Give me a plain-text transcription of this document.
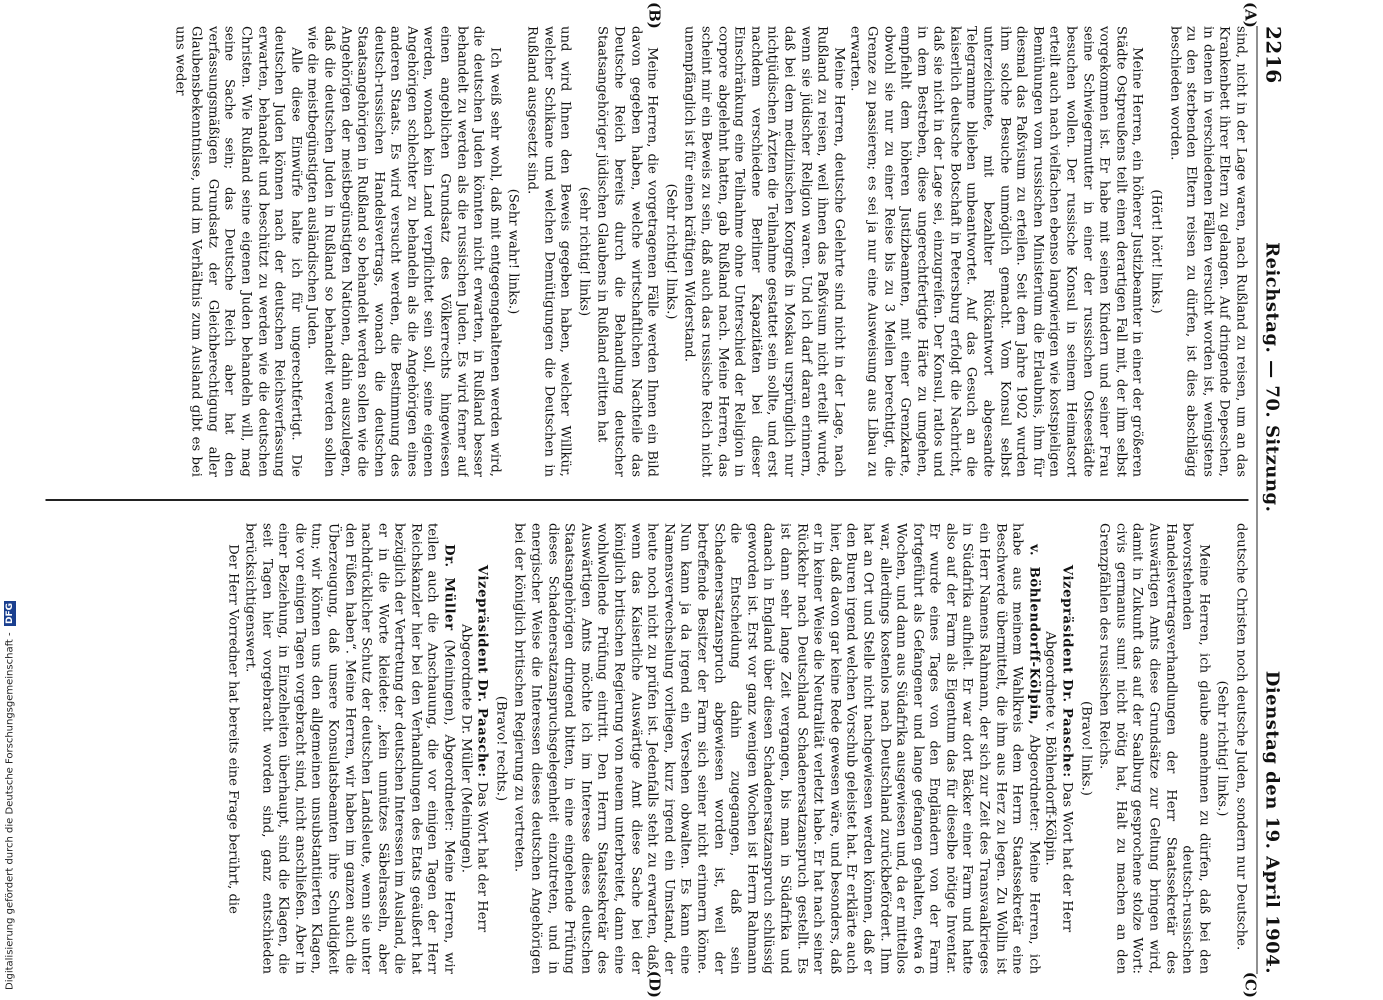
2216
Reichstag. — 70. Sitzung.
Dienstag den 19. April 1904.

sind, nicht in der Lage waren, nach Rußland zu reisen, um an das Krankenbett ihrer Eltern zu gelangen. Auf dringende Depeschen, in denen in verschiedenen Fällen versucht worden ist, wenigstens zu den sterbenden Eltern reisen zu dürfen, ist dies abschlägig beschieden worden.

(Hört! hört! links.)

Meine Herren, ein höherer Justizbeamter in einer der größeren Städte Ostpreußens teilt einen derartigen Fall mit, der ihm selbst vorgekommen ist. Er habe mit seinen Kindern und seiner Frau seine Schwiegermutter in einer der russischen Ostseestädte besuchen wollen. Der russische Konsul in seinem Heimatsort erteilt auch nach vielfachen ebenso langwierigen wie kostspieligen Bemühungen vom russischen Ministerium die Erlaubnis, ihm für diesmal das Paßvisum zu erteilen. Seit dem Jahre 1902 wurden ihm solche Besuche unmöglich gemacht. Vom Konsul selbst unterzeichnete, mit bezahlter Rückantwort abgesandte Telegramme blieben unbeantwortet. Auf das Gesuch an die kaiserlich deutsche Botschaft in Petersburg erfolgt die Nachricht, daß sie nicht in der Lage sei, einzugreifen. Der Konsul, ratlos und in dem Bestreben, diese ungerechtfertigte Härte zu umgehen, empfiehlt dem höheren Justizbeamten, mit einer Grenzkarte, obwohl sie nur zu einer Reise bis zu 3 Meilen berechtigt, die Grenze zu passieren; es sei ja nur eine Ausweisung aus Libau zu erwarten.

Meine Herren, deutsche Gelehrte sind nicht in der Lage, nach Rußland zu reisen, weil ihnen das Paßvisum nicht erteilt wurde, wenn sie jüdischer Religion waren. Und ich darf daran erinnern, daß bei dem medizinischen Kongreß in Moskau ursprünglich nur nichtjüdischen Ärzten die Teilnahme gestattet sein sollte, und erst nachdem verschiedene Berliner Kapazitäten bei dieser Einschränkung eine Teilnahme ohne Unterschied der Religion in corpore abgelehnt hatten, gab Rußland nach. Meine Herren, das scheint mir ein Beweis zu sein, daß auch das russische Reich nicht unempfänglich ist für einen kräftigen Widerstand.

(Sehr richtig! links.)

Meine Herren, die vorgetragenen Fälle werden Ihnen ein Bild davon gegeben haben, welche wirtschaftlichen Nachteile das Deutsche Reich bereits durch die Behandlung deutscher Staatsangehöriger jüdischen Glaubens in Rußland erlitten hat

(sehr richtig! links)

und wird Ihnen den Beweis gegeben haben, welcher Willkür, welcher Schikane und welchen Demütigungen die Deutschen in Rußland ausgesetzt sind.

(Sehr wahr! links.)

Ich weiß sehr wohl, daß mit entgegengehaltenen werden wird, die deutschen Juden könnten nicht erwarten, in Rußland besser behandelt zu werden als die russischen Juden. Es wird ferner auf einen angeblichen Grundsatz des Völkerrechts hingewiesen werden, wonach kein Land verpflichtet sein soll, seine eigenen Angehörigen schlechter zu behandeln als die Angehörigen eines anderen Staats. Es wird versucht werden, die Bestimmung des deutsch-russischen Handelsvertrags, wonach die deutschen Staatsangehörigen in Rußland so behandelt werden sollen wie die Angehörigen der meistbegünstigten Nationen, dahin auszulegen, daß die deutschen Juden in Rußland so behandelt werden sollen wie die meistbegünstigten ausländischen Juden.

Alle diese Einwürfe halte ich für ungerechtfertigt. Die deutschen Juden können nach der deutschen Reichsverfassung erwarten, behandelt und beschützt zu werden wie die deutschen Christen. Wie Rußland seine eigenen Juden behandeln will, mag seine Sache sein; das Deutsche Reich aber hat den verfassungsmäßigen Grundsatz der Gleichberechtigung aller Glaubensbekenntnisse, und im Verhältnis zum Ausland gibt es bei uns weder

deutsche Christen noch deutsche Juden, sondern nur Deutsche.

(Sehr richtig! links.)

Meine Herren, ich glaube annehmen zu dürfen, daß bei den bevorstehenden deutsch-russischen Handelsvertragsverhandlungen der Herr Staatssekretär des Auswärtigen Amts diese Grundsätze zur Geltung bringen wird, damit in Zukunft das auf der Saalburg gesprochene stolze Wort: civis germanus sum! nicht nötig hat, Halt zu machen an den Grenzpfählen des russischen Reichs.

(Bravo! links.)

Vizepräsident Dr. Paasche: Das Wort hat der Herr Abgeordnete v. Böhlendorff-Kölpin.

v. Böhlendorff-Kölpin, Abgeordneter: Meine Herren, ich habe aus meinem Wahlkreis dem Herrn Staatssekretär eine Beschwerde übermittelt, die ihm aus Herz zu legen. Zu Wollin ist ein Herr Namens Rahmann, der sich zur Zeit des Transvaalkrieges in Südafrika aufhielt. Er war dort Bäcker einer Farm und hatte also auf der Farm als Eigentum das für dieselbe nötige Inventar. Er wurde eines Tages von den Engländern von der Farm fortgeführt als Gefangener und lange gefangen gehalten, etwa 6 Wochen, und dann aus Südafrika ausgewiesen und, da er mittellos war, allerdings kostenlos nach Deutschland zurückbefördert. Ihm hat an Ort und Stelle nicht nachgewiesen werden können, daß er den Buren irgend welchen Vorschub geleistet hat. Er erklärte auch hier, daß davon gar keine Rede gewesen wäre, und besonders, daß er in keiner Weise die Neutralität verletzt habe. Er hat nach seiner Rückkehr nach Deutschland Schadenersatzanspruch gestellt. Es ist dann sehr lange Zeit vergangen, bis man in Südafrika und danach in England über diesen Schadenersatzanspruch schlüssig geworden ist. Erst vor ganz wenigen Wochen ist Herrn Rahmann die Entscheidung dahin zugegangen, daß sein Schadenersatzanspruch abgewiesen worden ist, weil der betreffende Besitzer der Farm sich seiner nicht erinnern könne. Nun kann ja da irgend ein Versehen obwalten. Es kann eine Namensverwechselung vorliegen, kurz irgend ein Umstand, der heute noch nicht zu prüfen ist. Jedenfalls steht zu erwarten, daß, wenn das Kaiserliche Auswärtige Amt diese Sache bei der königlich britischen Regierung von neuem unterbreitet, dann eine wohlwollende Prüfung eintritt. Den Herrn Staatssekretär des Auswärtigen Amts möchte ich im Interesse dieses deutschen Staatsangehörigen dringend bitten, in eine eingehende Prüfung dieses Schadenersatzanspruchsgelegenheit einzutreten, und in energischer Weise die Interessen dieses deutschen Angehörigen bei der königlich britischen Regierung zu vertreten.

(Bravo! rechts.)

Vizepräsident Dr. Paasche: Das Wort hat der Herr Abgeordnete Dr. Müller (Meiningen).

Dr. Müller (Meiningen), Abgeordneter: Meine Herren, wir teilen auch die Anschauung, die vor einigen Tagen der Herr Reichskanzler hier bei den Verhandlungen des Etats geäußert hat bezüglich der Vertretung der deutschen Interessen im Ausland, die er in die Worte kleidete: „kein unnützes Säbelrasseln, aber nachdrücklicher Schutz der deutschen Landsleute, wenn sie unter den Füßen haben“. Meine Herren, wir haben im ganzen auch die Überzeugung, daß unsere Konsulatsbeamten ihre Schuldigkeit tun; wir können uns den allgemeinen unsubstantiierten Klagen, die vor einigen Tagen vorgebracht sind, nicht anschließen. Aber in einer Beziehung, in Einzelheiten überhaupt, sind die Klagen, die seit Tagen hier vorgebracht worden sind, ganz entschieden berücksichtigenswert.

Der Herr Vorredner hat bereits eine Frage berührt, die

(A)
(B)
(C)
(D)
Digitalisierung gefördert durch die Deutsche Forschungsgemeinschaft -
DFG
